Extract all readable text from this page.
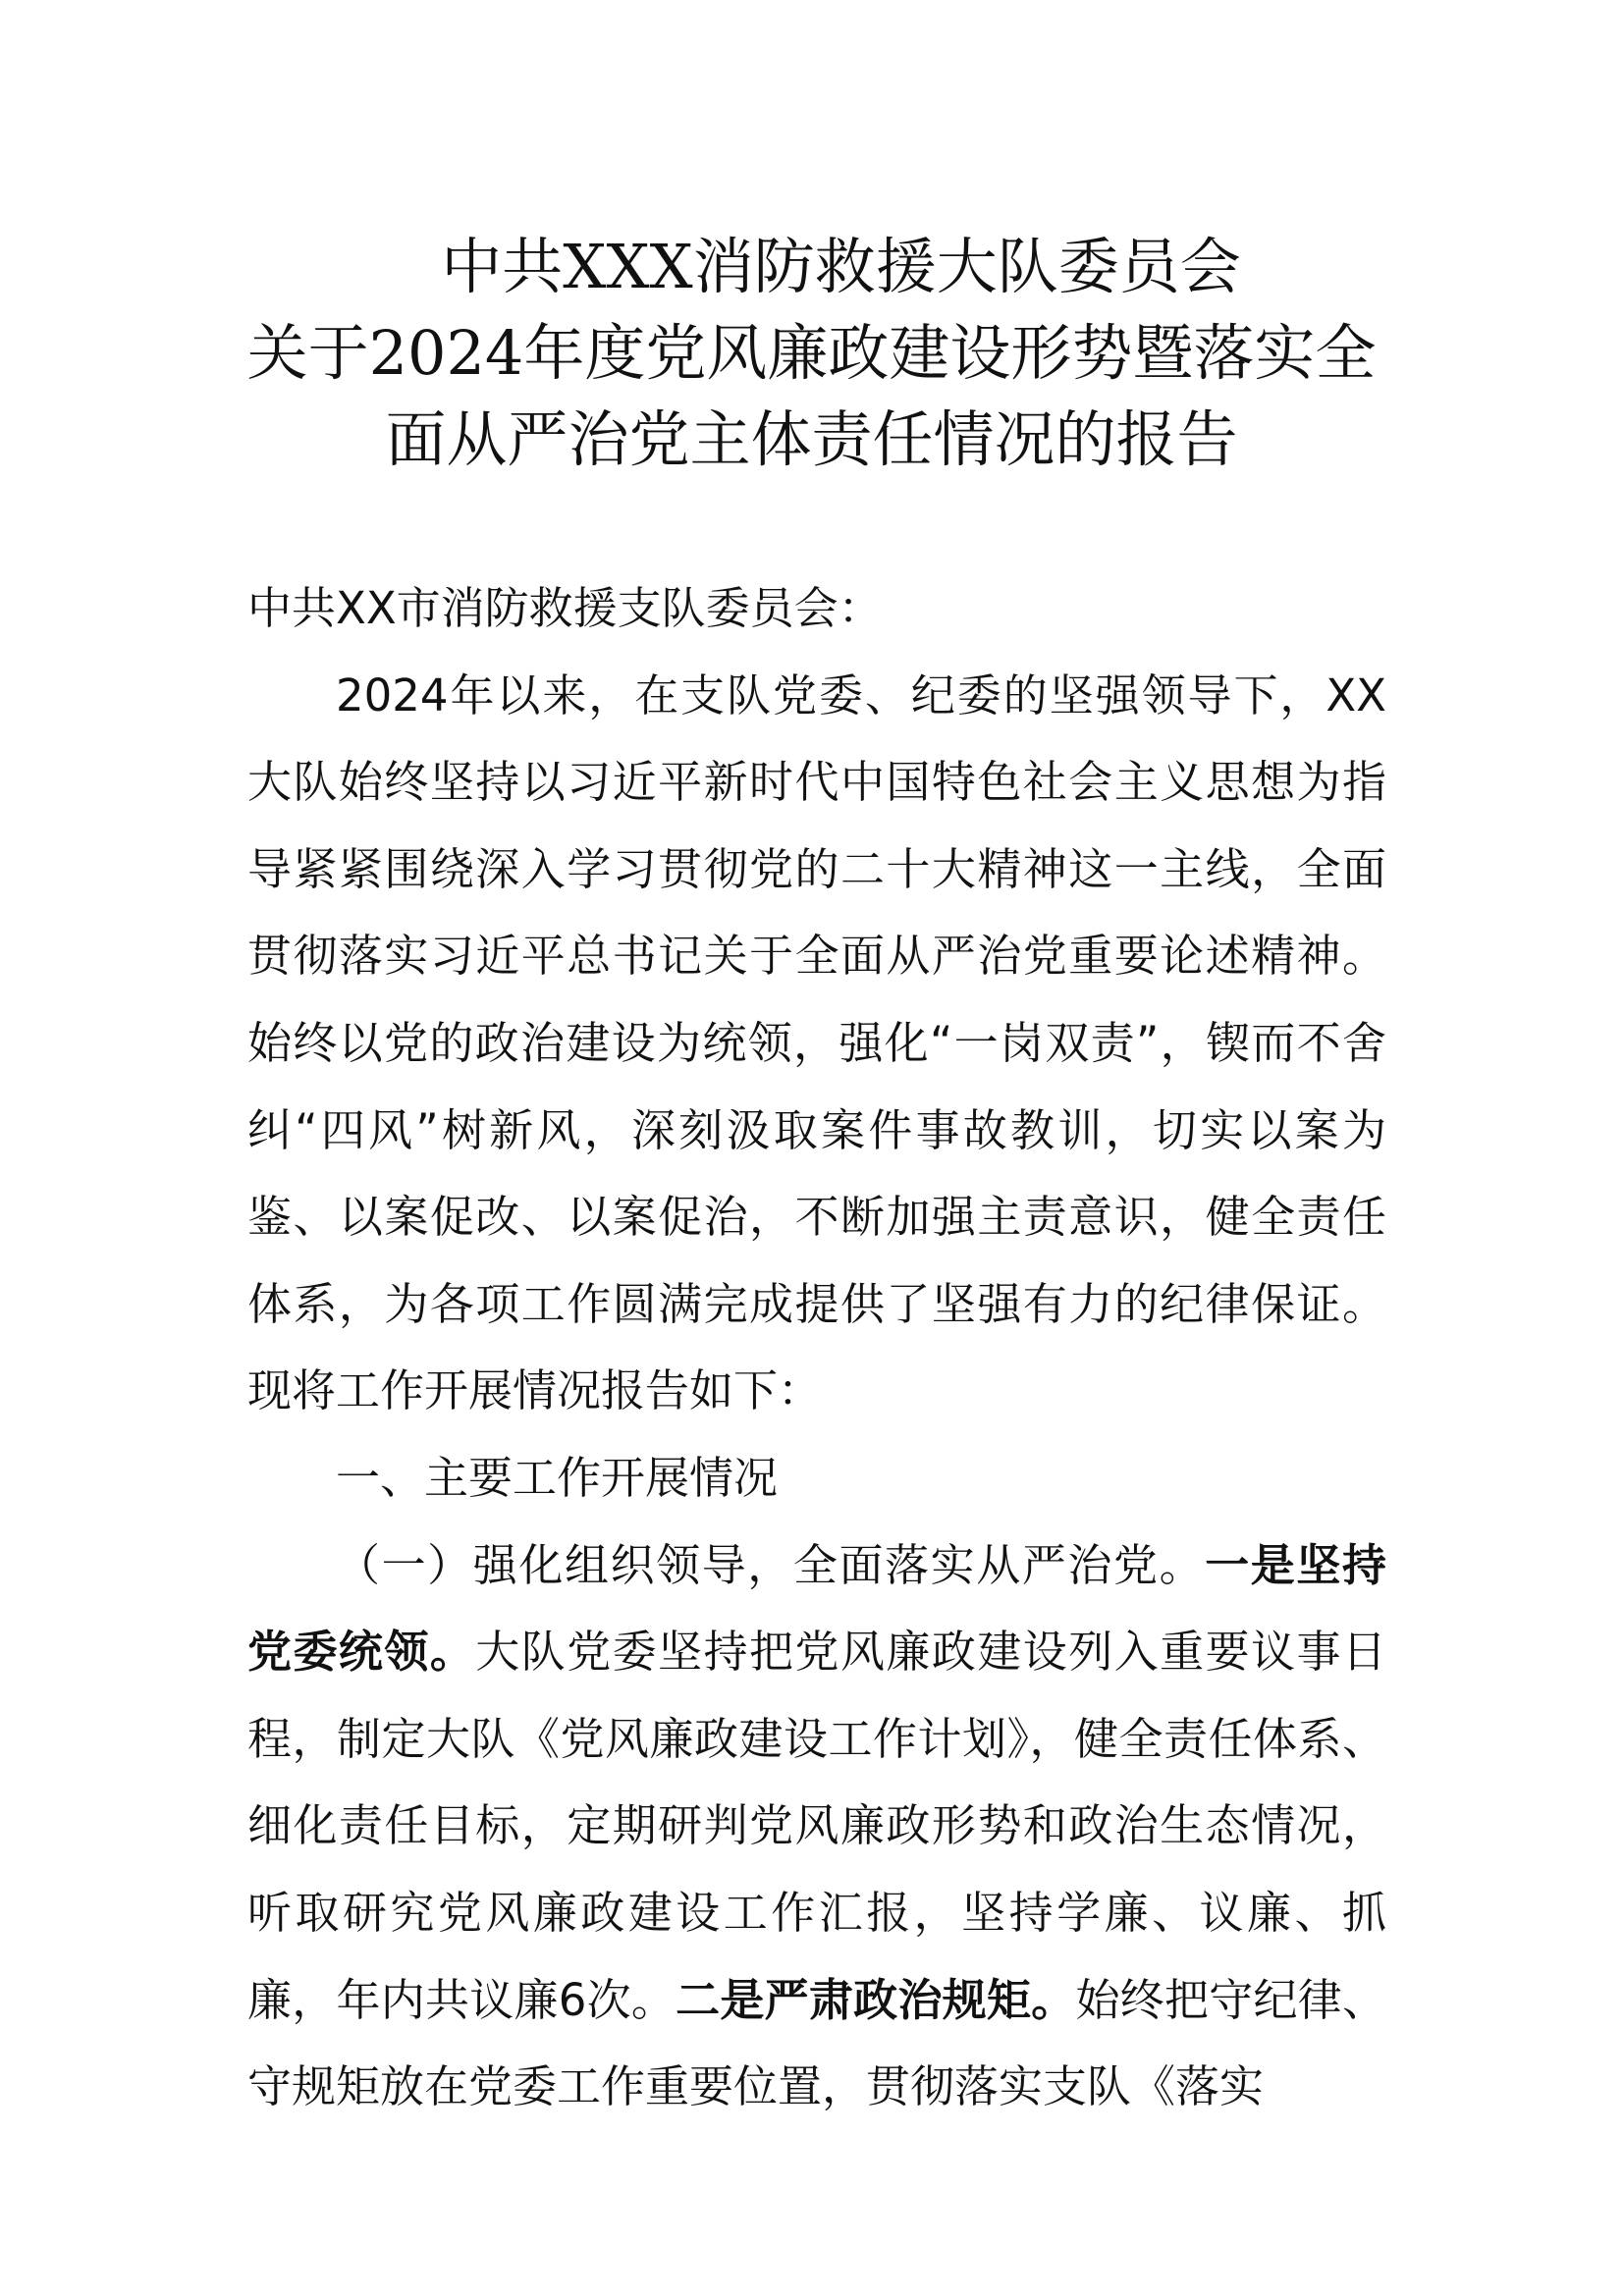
中共XXX消防救援大队委员会
关于2024年度党风廉政建设形势暨落实全
面从严治党主体责任情况的报告

中共XX市消防救援支队委员会：

2024年以来，在支队党委、纪委的坚强领导下，XX大队始终坚持以习近平新时代中国特色社会主义思想为指导紧紧围绕深入学习贯彻党的二十大精神这一主线，全面贯彻落实习近平总书记关于全面从严治党重要论述精神。始终以党的政治建设为统领，强化“一岗双责”，锲而不舍纠“四风”树新风，深刻汲取案件事故教训，切实以案为鉴、以案促改、以案促治，不断加强主责意识，健全责任体系，为各项工作圆满完成提供了坚强有力的纪律保证。现将工作开展情况报告如下：

一、主要工作开展情况

（一）强化组织领导，全面落实从严治党。一是坚持党委统领。大队党委坚持把党风廉政建设列入重要议事日程，制定大队《党风廉政建设工作计划》，健全责任体系、细化责任目标，定期研判党风廉政形势和政治生态情况，听取研究党风廉政建设工作汇报，坚持学廉、议廉、抓廉，年内共议廉6次。二是严肃政治规矩。始终把守纪律、守规矩放在党委工作重要位置，贯彻落实支队《落实
